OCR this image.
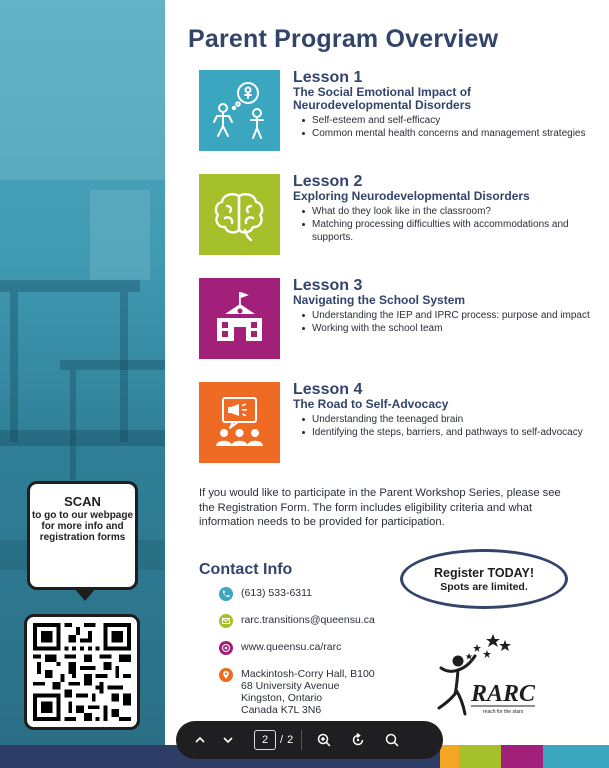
SCAN
to go to our webpage for more info and registration forms
Parent Program Overview
Lesson 1
The Social Emotional Impact of Neurodevelopmental Disorders
Self-esteem and self-efficacy
Common mental health concerns and management strategies
Lesson 2
Exploring Neurodevelopmental Disorders
What do they look like in the classroom?
Matching processing difficulties with accommodations and supports.
Lesson 3
Navigating the School System
Understanding the IEP and IPRC process: purpose and impact
Working with the school team
Lesson 4
The Road to Self-Advocacy
Understanding the teenaged brain
Identifying the steps, barriers, and pathways to self-advocacy
If you would like to participate in the Parent Workshop Series, please see the Registration Form. The form includes eligibility criteria and what information needs to be provided for participation.
Contact Info
(613) 533-6311
rarc.transitions@queensu.ca
www.queensu.ca/rarc
Mackintosh-Corry Hall, B100
68 University Avenue
Kingston, Ontario
Canada K7L 3N6
Register TODAY!
Spots are limited.
RARC
reach for the stars
2	/ 2
